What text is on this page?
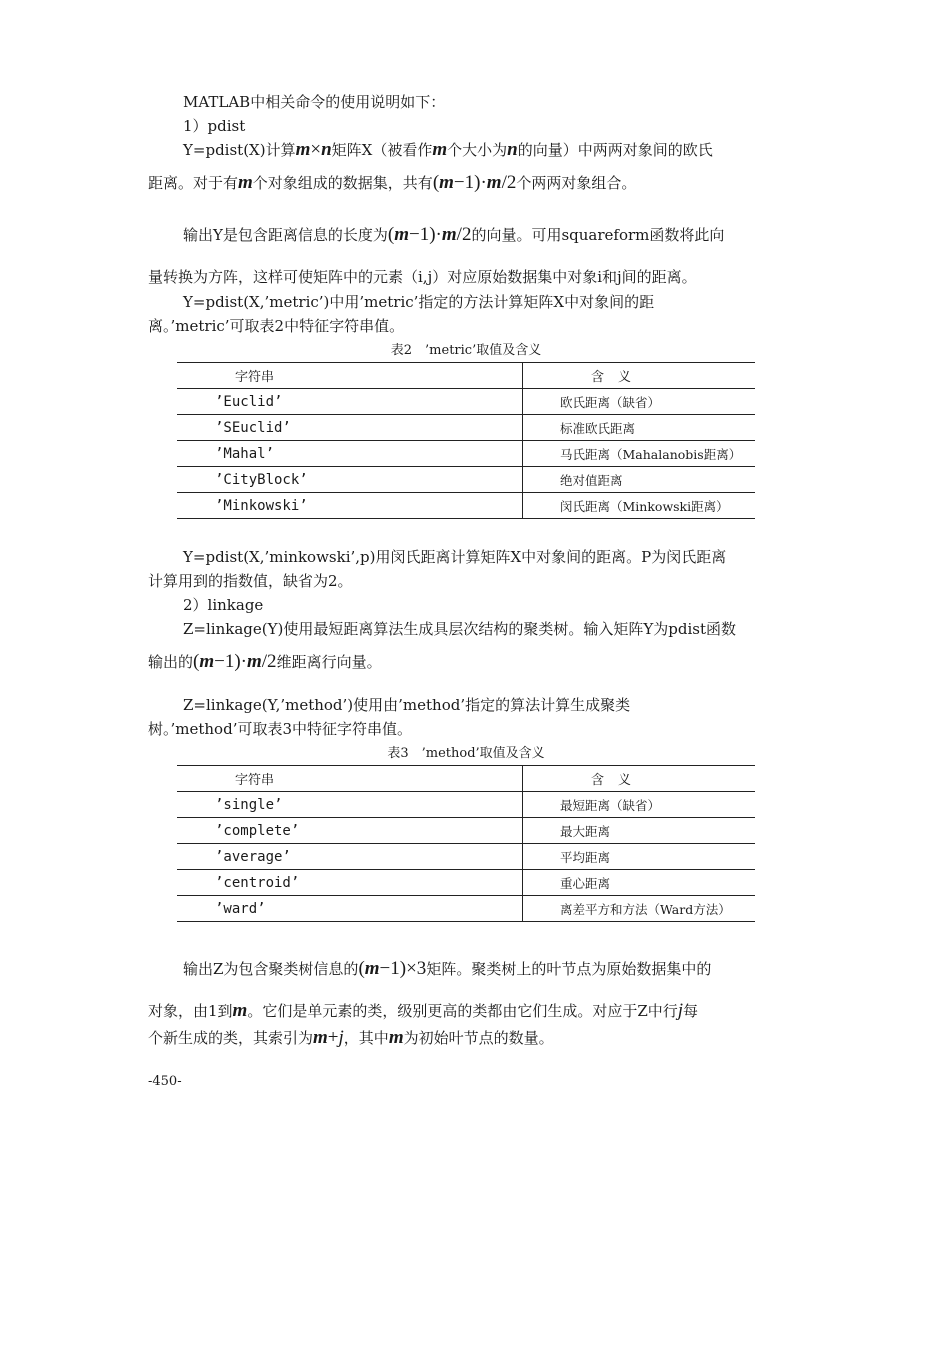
MATLAB中相关命令的使用说明如下：

1）pdist

Y=pdist(X)计算m×n矩阵X（被看作m个大小为n的向量）中两两对象间的欧氏

距离。对于有m个对象组成的数据集，共有(m−1)·m/2个两两对象组合。

输出Y是包含距离信息的长度为(m−1)·m/2的向量。可用squareform函数将此向

量转换为方阵，这样可使矩阵中的元素（i,j）对应原始数据集中对象i和j间的距离。

Y=pdist(X,’metric’)中用’metric’指定的方法计算矩阵X中对象间的距

离。’metric’可取表2中特征字符串值。

表2　’metric’取值及含义
字符串	含义
’Euclid’	欧氏距离（缺省）
’SEuclid’	标准欧氏距离
’Mahal’	马氏距离（Mahalanobis距离）
’CityBlock’	绝对值距离
’Minkowski’	闵氏距离（Minkowski距离）

Y=pdist(X,’minkowski’,p)用闵氏距离计算矩阵X中对象间的距离。P为闵氏距离

计算用到的指数值，缺省为2。

2）linkage

Z=linkage(Y)使用最短距离算法生成具层次结构的聚类树。输入矩阵Y为pdist函数

输出的(m−1)·m/2维距离行向量。

Z=linkage(Y,’method’)使用由’method’指定的算法计算生成聚类

树。’method’可取表3中特征字符串值。

表3　’method’取值及含义
字符串	含义
’single’	最短距离（缺省）
’complete’	最大距离
’average’	平均距离
’centroid’	重心距离
’ward’	离差平方和方法（Ward方法）

输出Z为包含聚类树信息的(m−1)×3矩阵。聚类树上的叶节点为原始数据集中的

对象，由1到m。它们是单元素的类，级别更高的类都由它们生成。对应于Z中行j每

个新生成的类，其索引为m+j，其中m为初始叶节点的数量。

-450-
